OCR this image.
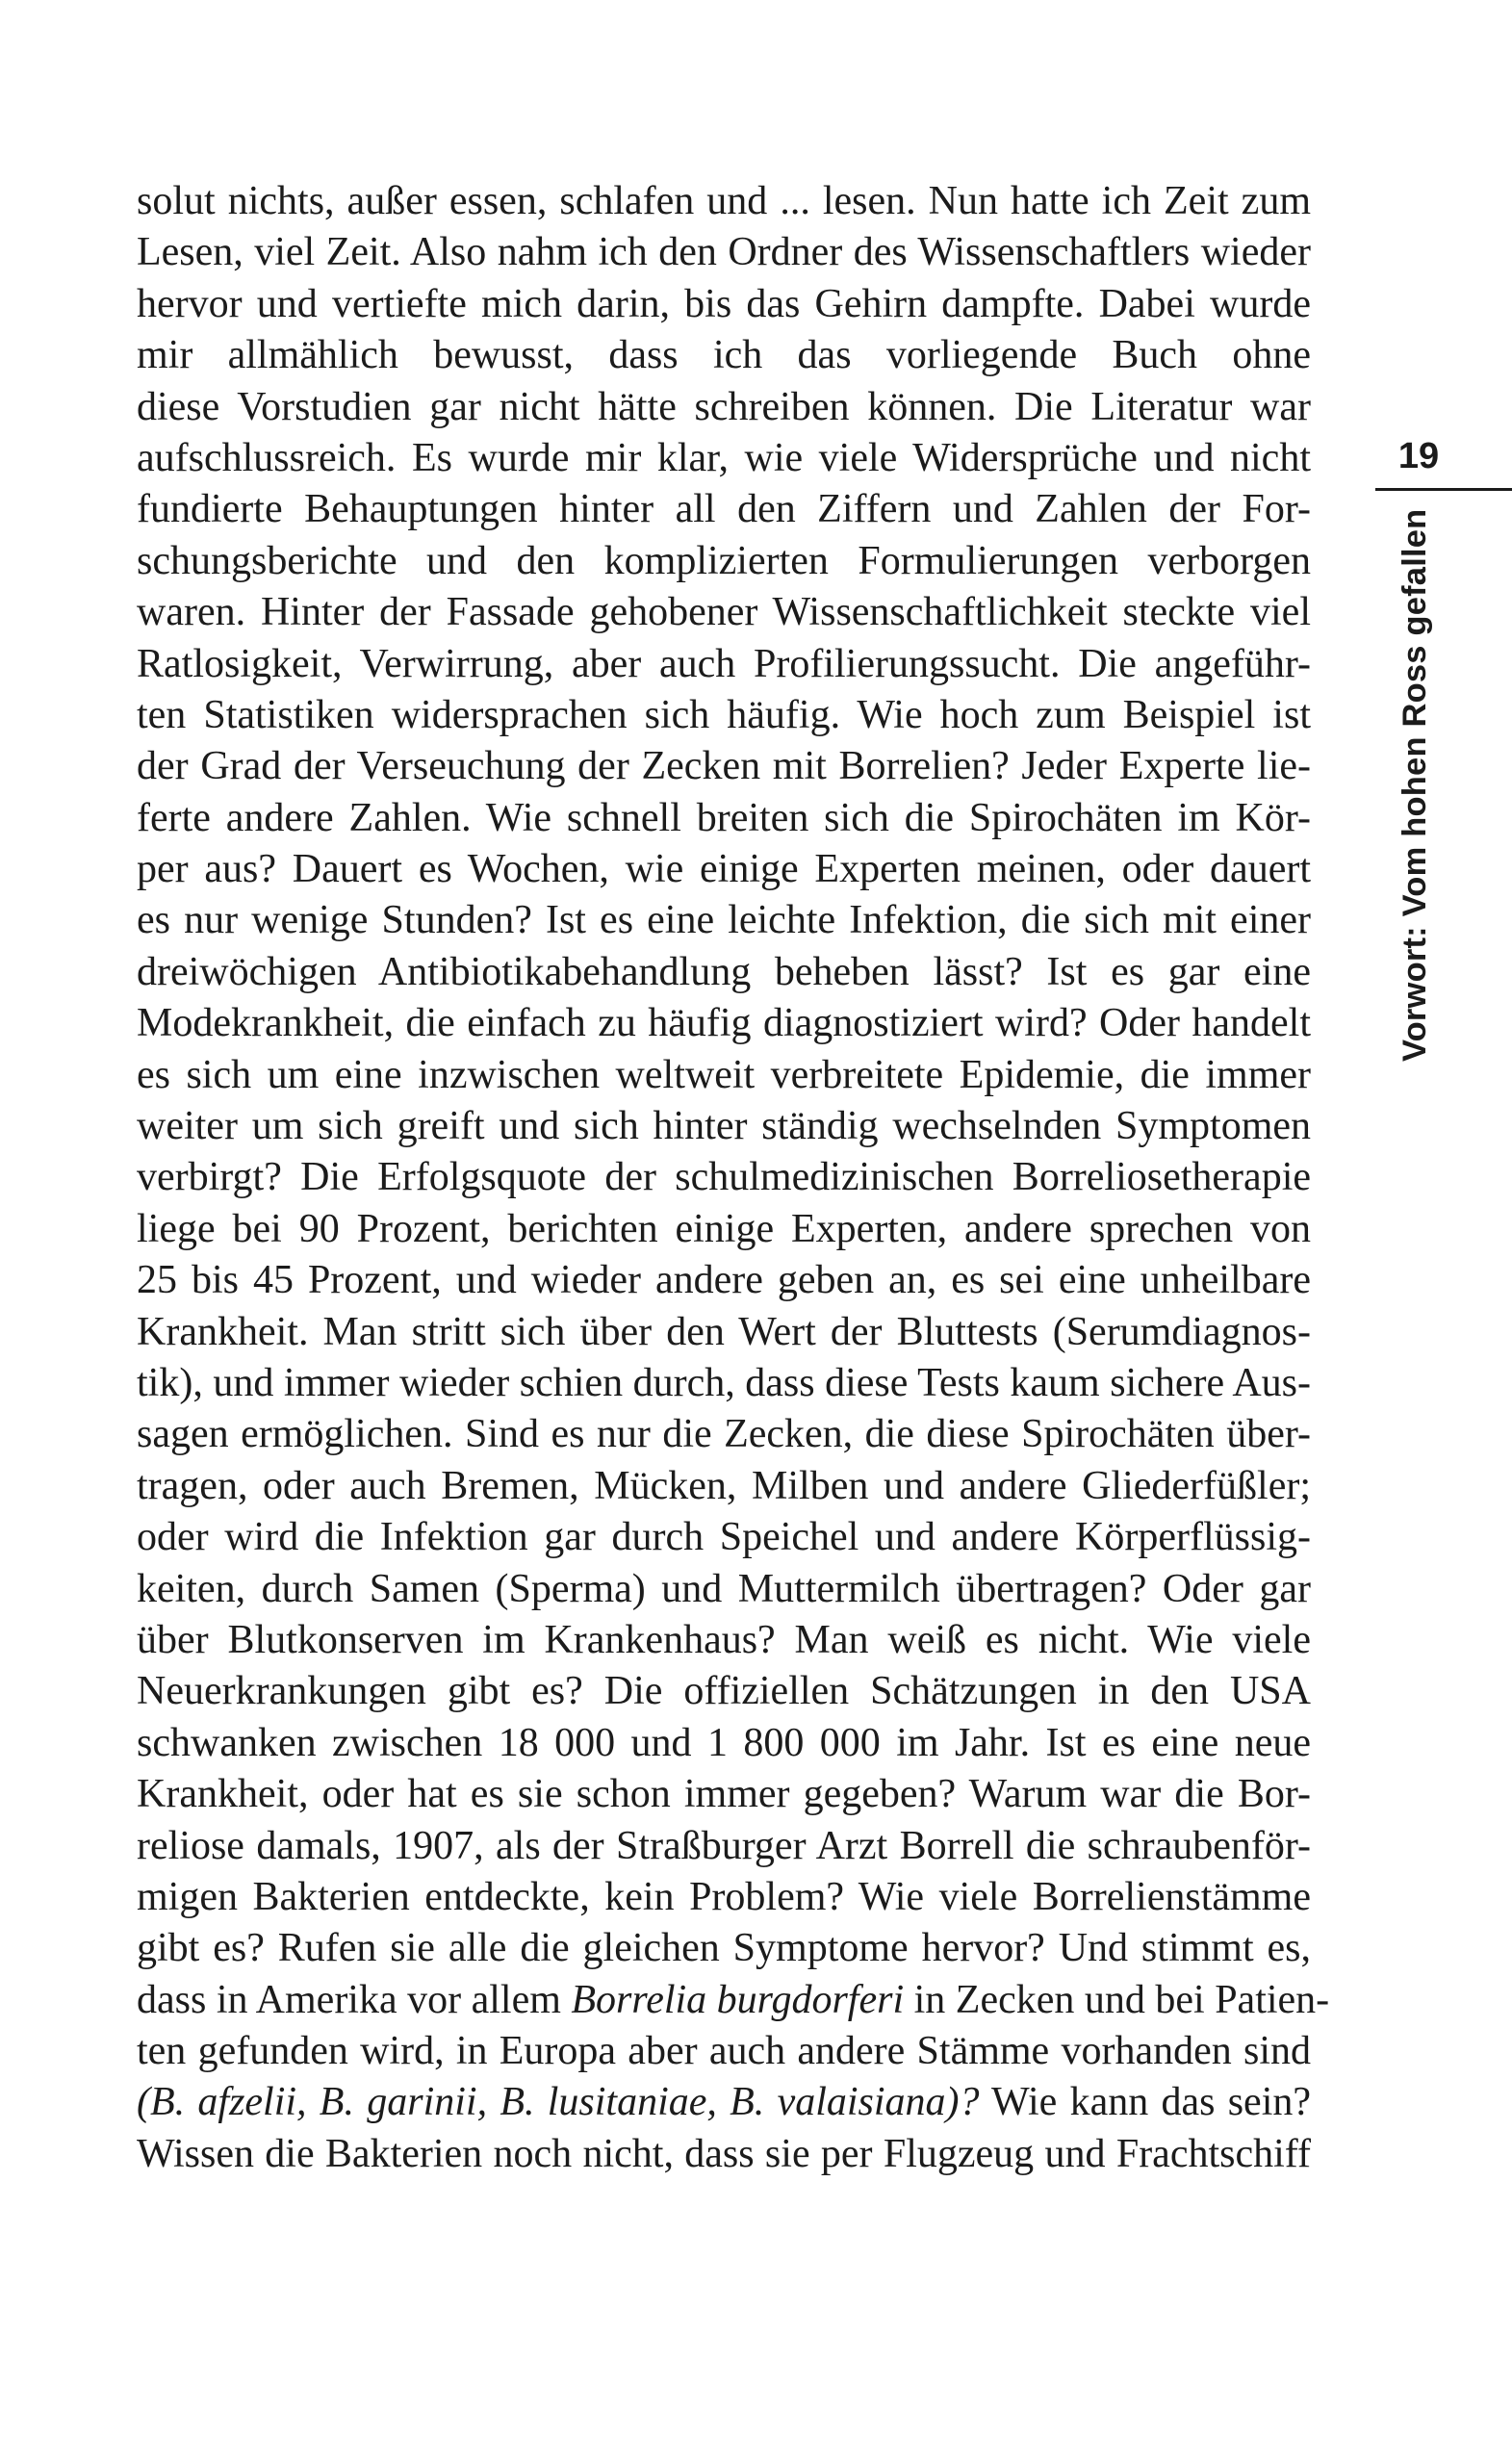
solut nichts, außer essen, schlafen und ... lesen. Nun hatte ich Zeit zum
Lesen, viel Zeit. Also nahm ich den Ordner des Wissenschaftlers wieder
hervor und vertiefte mich darin, bis das Gehirn dampfte. Dabei wurde
mir allmählich bewusst, dass ich das vorliegende Buch ohne
diese Vorstudien gar nicht hätte schreiben können. Die Literatur war
aufschlussreich. Es wurde mir klar, wie viele Widersprüche und nicht
fundierte Behauptungen hinter all den Ziffern und Zahlen der For-
schungsberichte und den komplizierten Formulierungen verborgen
waren. Hinter der Fassade gehobener Wissenschaftlichkeit steckte viel
Ratlosigkeit, Verwirrung, aber auch Profilierungssucht. Die angeführ-
ten Statistiken widersprachen sich häufig. Wie hoch zum Beispiel ist
der Grad der Verseuchung der Zecken mit Borrelien? Jeder Experte lie-
ferte andere Zahlen. Wie schnell breiten sich die Spirochäten im Kör-
per aus? Dauert es Wochen, wie einige Experten meinen, oder dauert
es nur wenige Stunden? Ist es eine leichte Infektion, die sich mit einer
dreiwöchigen Antibiotikabehandlung beheben lässt? Ist es gar eine
Modekrankheit, die einfach zu häufig diagnostiziert wird? Oder handelt
es sich um eine inzwischen weltweit verbreitete Epidemie, die immer
weiter um sich greift und sich hinter ständig wechselnden Symptomen
verbirgt? Die Erfolgsquote der schulmedizinischen Borreliosetherapie
liege bei 90 Prozent, berichten einige Experten, andere sprechen von
25 bis 45 Prozent, und wieder andere geben an, es sei eine unheilbare
Krankheit. Man stritt sich über den Wert der Bluttests (Serumdiagnos-
tik), und immer wieder schien durch, dass diese Tests kaum sichere Aus-
sagen ermöglichen. Sind es nur die Zecken, die diese Spirochäten über-
tragen, oder auch Bremen, Mücken, Milben und andere Gliederfüßler;
oder wird die Infektion gar durch Speichel und andere Körperflüssig-
keiten, durch Samen (Sperma) und Muttermilch übertragen? Oder gar
über Blutkonserven im Krankenhaus? Man weiß es nicht. Wie viele
Neuerkrankungen gibt es? Die offiziellen Schätzungen in den USA
schwanken zwischen 18 000 und 1 800 000 im Jahr. Ist es eine neue
Krankheit, oder hat es sie schon immer gegeben? Warum war die Bor-
reliose damals, 1907, als der Straßburger Arzt Borrell die schraubenför-
migen Bakterien entdeckte, kein Problem? Wie viele Borrelienstämme
gibt es? Rufen sie alle die gleichen Symptome hervor? Und stimmt es,
dass in Amerika vor allem Borrelia burgdorferi in Zecken und bei Patien-
ten gefunden wird, in Europa aber auch andere Stämme vorhanden sind
(B. afzelii, B. garinii, B. lusitaniae, B. valaisiana)? Wie kann das sein?
Wissen die Bakterien noch nicht, dass sie per Flugzeug und Frachtschiff
19
Vorwort: Vom hohen Ross gefallen
